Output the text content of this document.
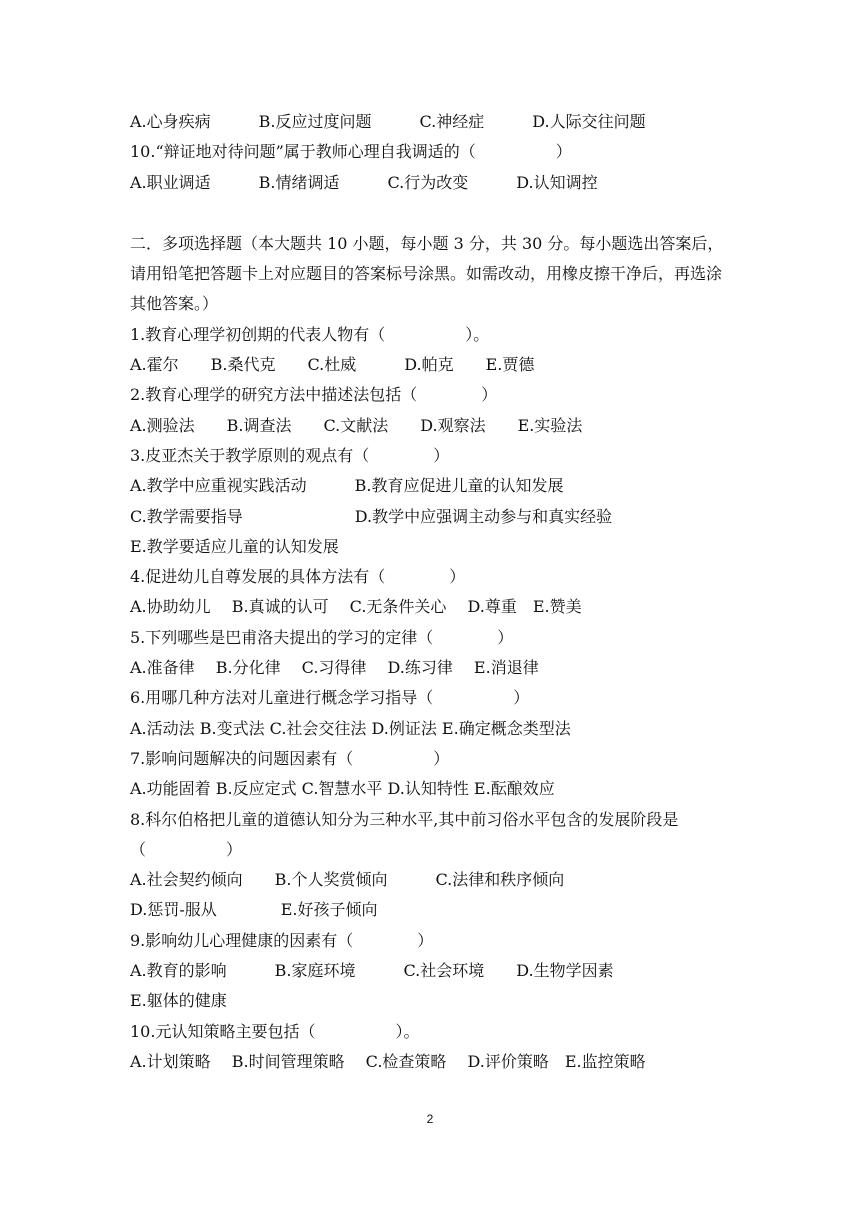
A.心身疾病　　　B.反应过度问题　　　C.神经症　　　D.人际交往问题
10.“辩证地对待问题”属于教师心理自我调适的（　　　　　）
A.职业调适　　　B.情绪调适　　　C.行为改变　　　D.认知调控
二．多项选择题（本大题共 10 小题，每小题 3 分，共 30 分。每小题选出答案后，请用铅笔把答题卡上对应题目的答案标号涂黑。如需改动，用橡皮擦干净后，再选涂其他答案。）
1.教育心理学初创期的代表人物有（　　　　　）。
A.霍尔　　B.桑代克　　C.杜威　　　D.帕克　　E.贾德
2.教育心理学的研究方法中描述法包括（　　　　）
A.测验法　　B.调查法　　C.文献法　　D.观察法　　E.实验法
3.皮亚杰关于教学原则的观点有（　　　　）
A.教学中应重视实践活动　　　B.教育应促进儿童的认知发展
C.教学需要指导　　　　　　　D.教学中应强调主动参与和真实经验
E.教学要适应儿童的认知发展
4.促进幼儿自尊发展的具体方法有（　　　　）
A.协助幼儿　 B.真诚的认可　 C.无条件关心　 D.尊重　E.赞美
5.下列哪些是巴甫洛夫提出的学习的定律（　　　　）
A.准备律　 B.分化律　 C.习得律　 D.练习律　 E.消退律
6.用哪几种方法对儿童进行概念学习指导（　　　　　）
A.活动法 B.变式法 C.社会交往法 D.例证法 E.确定概念类型法
7.影响问题解决的问题因素有（　　　　　）
A.功能固着 B.反应定式 C.智慧水平 D.认知特性 E.酝酿效应
8.科尔伯格把儿童的道德认知分为三种水平,其中前习俗水平包含的发展阶段是
（　　　　　）
A.社会契约倾向　　B.个人奖赏倾向　　　C.法律和秩序倾向
D.惩罚-服从　　　　E.好孩子倾向
9.影响幼儿心理健康的因素有（　　　　）
A.教育的影响　　　B.家庭环境　　　C.社会环境　　D.生物学因素
E.躯体的健康
10.元认知策略主要包括（　　　　　）。
A.计划策略　 B.时间管理策略　 C.检查策略　 D.评价策略　E.监控策略
2
